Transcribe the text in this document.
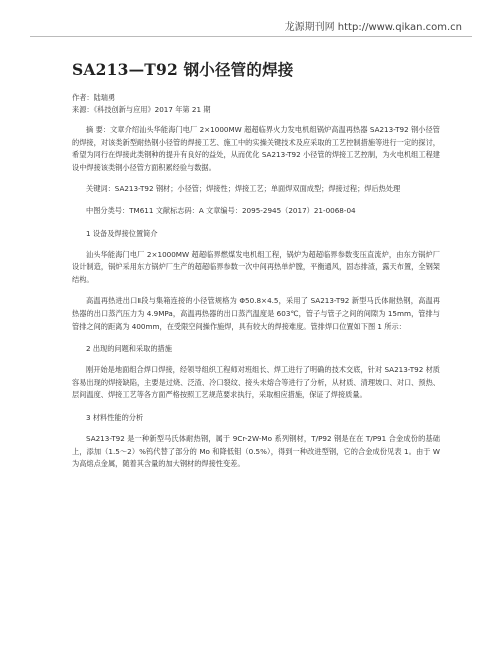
龙源期刊网 http://www.qikan.com.cn
SA213—T92 钢小径管的焊接
作者：陆瑞勇
来源：《科技创新与应用》2017 年第 21 期

摘 要：文章介绍汕头华能海门电厂 2×1000MW 超超临界火力发电机组锅炉高温再热器 SA213-T92 钢小径管的焊接，对该类新型耐热钢小径管的焊接工艺、施工中的实操关键技术及应采取的工艺控制措施等进行一定的探讨，希望为同行在焊接此类钢种的提升有良好的益处，从而优化 SA213-T92 小径管的焊接工艺控制，为火电机组工程建设中焊接该类钢小径管方面积累经验与数据。

关键词：SA213-T92 钢材；小径管；焊接性；焊接工艺；单面焊双面成型；焊接过程；焊后热处理

中图分类号：TM611 文献标志码：A 文章编号：2095-2945（2017）21-0068-04

1 设备及焊接位置简介

汕头华能海门电厂 2×1000MW 超超临界燃煤发电机组工程，锅炉为超超临界参数变压直流炉，由东方锅炉厂设计制造，锅炉采用东方锅炉厂生产的超超临界参数一次中间再热单炉膛，平衡通风，固态排渣，露天布置，全钢架结构。

高温再热进出口Ⅱ段与集箱连接的小径管规格为 Φ50.8×4.5，采用了 SA213-T92 新型马氏体耐热钢，高温再热器的出口蒸汽压力为 4.9MPa，高温再热器的出口蒸汽温度是 603℃，管子与管子之间的间隙为 15mm，管排与管排之间的距离为 400mm，在受限空间操作施焊，具有较大的焊接难度。管排焊口位置如下图 1 所示：

2 出现的问题和采取的措施

刚开始是地面组合焊口焊接，经领导组织工程师对班组长、焊工进行了明确的技术交底，针对 SA213-T92 材质容易出现的焊接缺陷，主要是过烧、泛渣、冷口裂纹、接头未熔合等进行了分析，从材质、清理坡口、对口、预热、层间温度、焊接工艺等各方面严格按照工艺规范要求执行，采取相应措施，保证了焊接质量。

3 材料性能的分析

SA213-T92 是一种新型马氏体耐热钢，属于 9Cr-2W-Mo 系列钢材，T/P92 钢是在在 T/P91 合金成份的基础上，添加（1.5～2）%钨代替了部分的 Mo 和降低钼（0.5%），得到一种改进型钢，它的合金成份见表 1。由于 W 为高熔点金属，随着其含量的加大钢材的焊接性变差。
